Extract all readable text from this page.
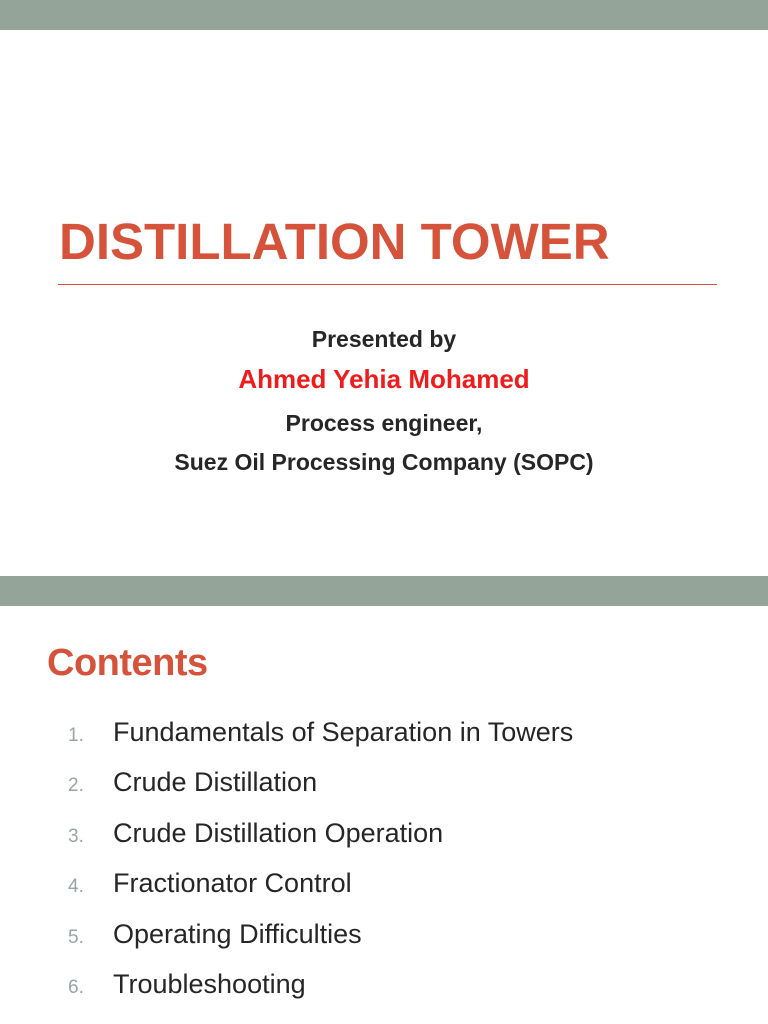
DISTILLATION TOWER

Presented by

Ahmed Yehia Mohamed

Process engineer,

Suez Oil Processing Company (SOPC)

Contents
1. Fundamentals of Separation in Towers
2. Crude Distillation
3. Crude Distillation Operation
4. Fractionator Control
5. Operating Difficulties
6. Troubleshooting
